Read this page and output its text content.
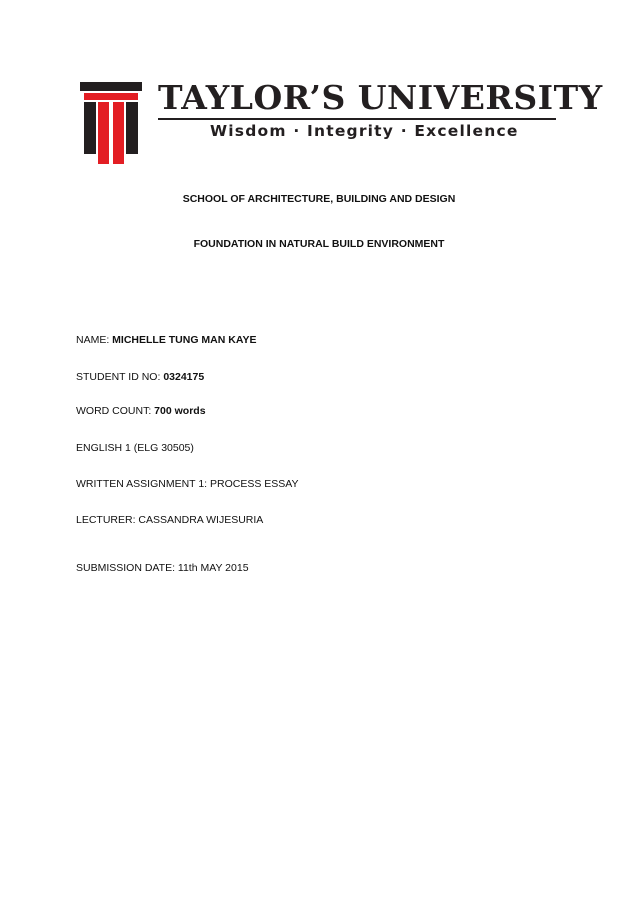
TAYLOR’S UNIVERSITY
Wisdom · Integrity · Excellence
SCHOOL OF ARCHITECTURE, BUILDING AND DESIGN
FOUNDATION IN NATURAL BUILD ENVIRONMENT
NAME: MICHELLE TUNG MAN KAYE
STUDENT ID NO: 0324175
WORD COUNT: 700 words
ENGLISH 1 (ELG 30505)
WRITTEN ASSIGNMENT 1: PROCESS ESSAY
LECTURER: CASSANDRA WIJESURIA
SUBMISSION DATE: 11th MAY 2015
